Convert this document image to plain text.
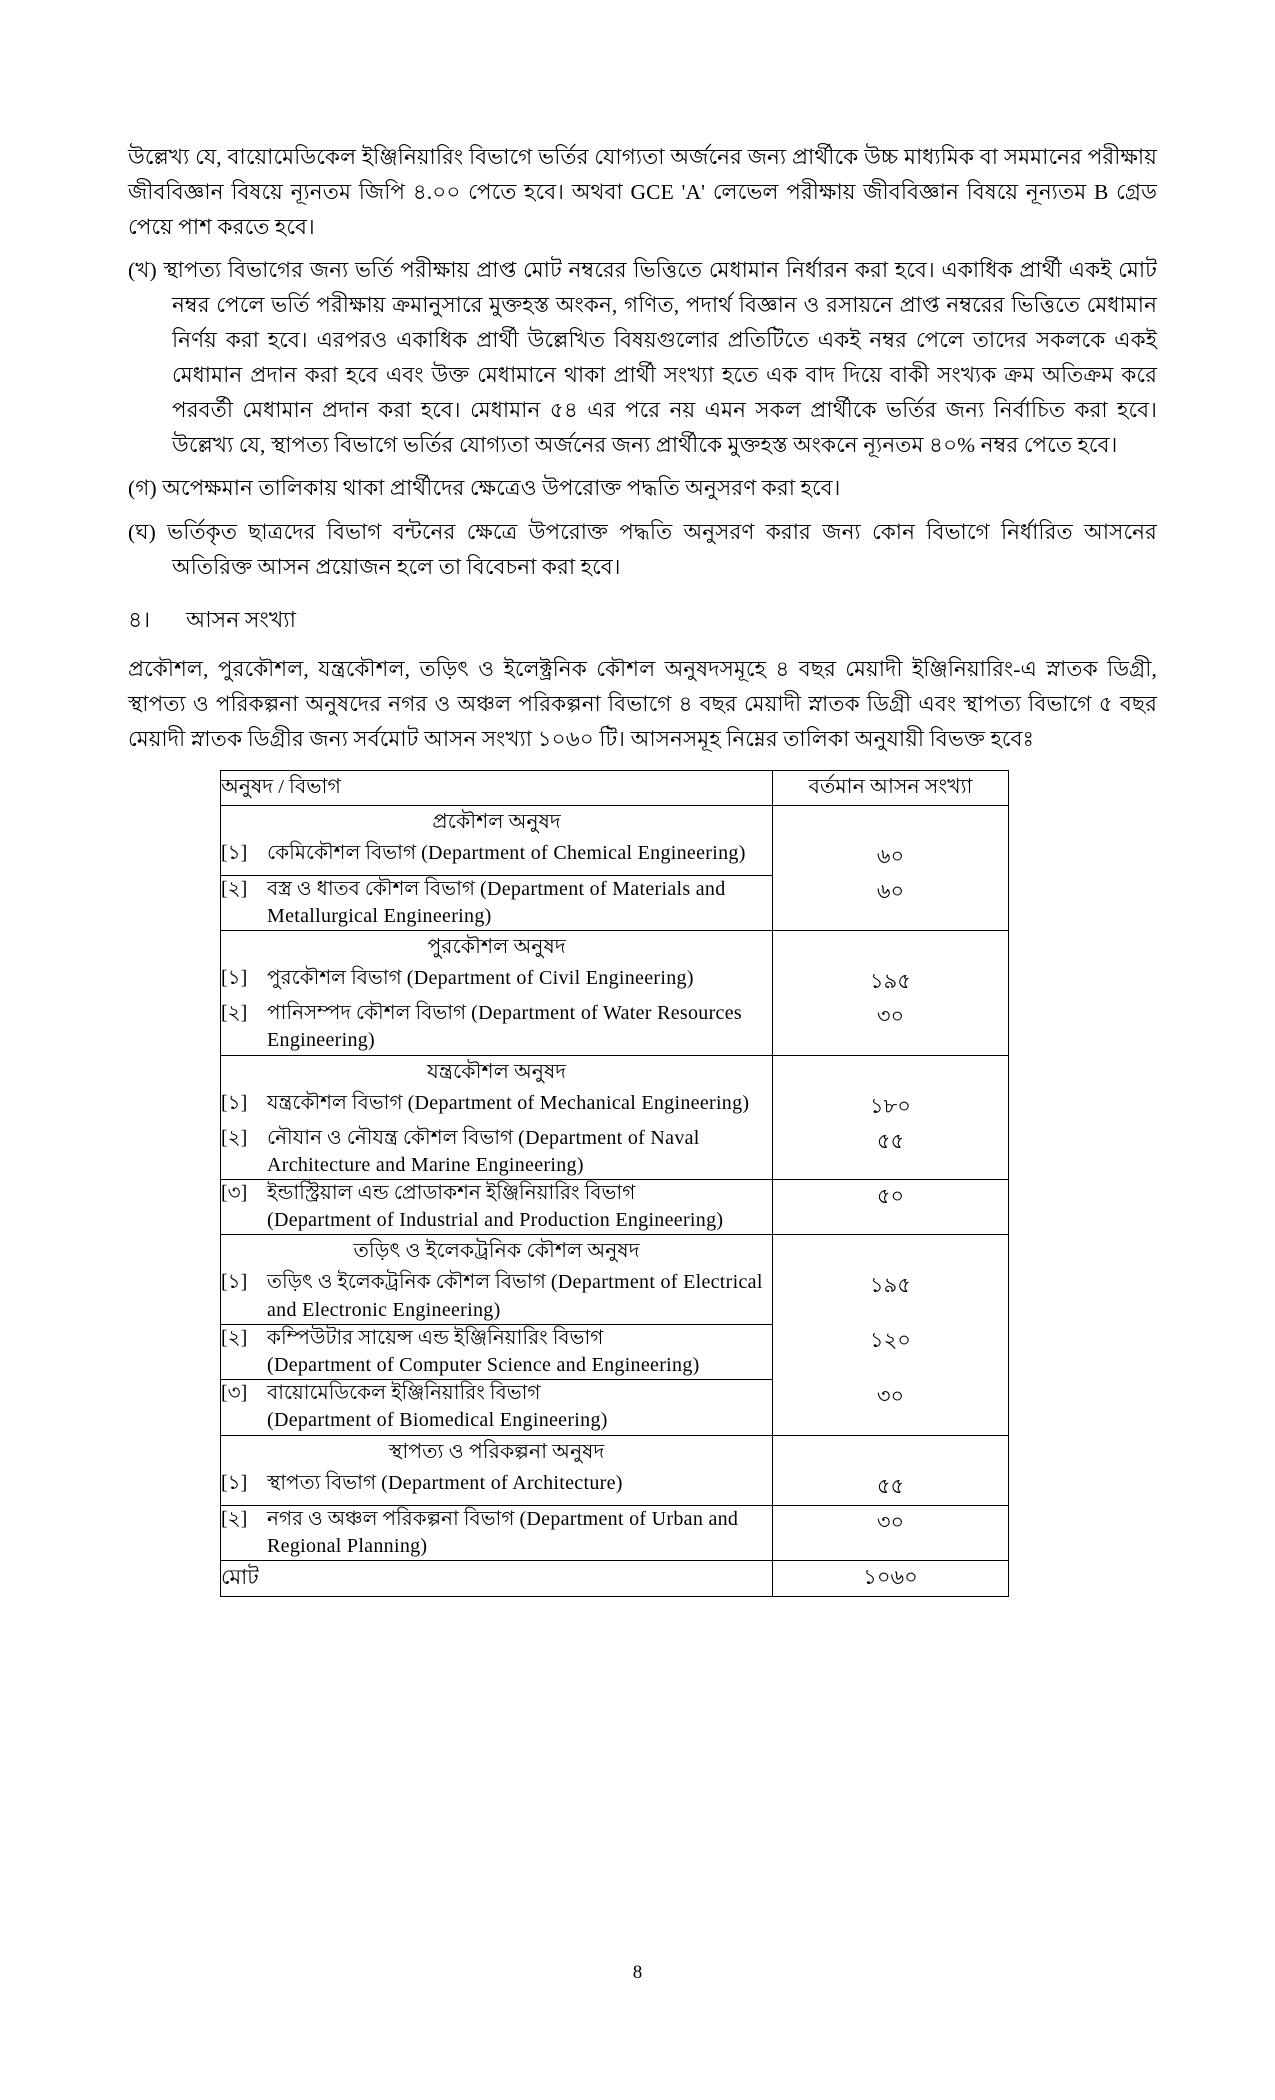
উল্লেখ্য যে, বায়োমেডিকেল ইঞ্জিনিয়ারিং বিভাগে ভর্তির যোগ্যতা অর্জনের জন্য প্রার্থীকে উচ্চ মাধ্যমিক বা সমমানের পরীক্ষায় জীববিজ্ঞান বিষয়ে ন্যূনতম জিপি ৪.০০ পেতে হবে। অথবা GCE 'A' লেভেল পরীক্ষায় জীববিজ্ঞান বিষয়ে নূন্যতম B গ্রেড পেয়ে পাশ করতে হবে।

(খ) স্থাপত্য বিভাগের জন্য ভর্তি পরীক্ষায় প্রাপ্ত মোট নম্বরের ভিত্তিতে মেধামান নির্ধারন করা হবে। একাধিক প্রার্থী একই মোট নম্বর পেলে ভর্তি পরীক্ষায় ক্রমানুসারে মুক্তহস্ত অংকন, গণিত, পদার্থ বিজ্ঞান ও রসায়নে প্রাপ্ত নম্বরের ভিত্তিতে মেধামান নির্ণয় করা হবে। এরপরও একাধিক প্রার্থী উল্লেখিত বিষয়গুলোর প্রতিটিতে একই নম্বর পেলে তাদের সকলকে একই মেধামান প্রদান করা হবে এবং উক্ত মেধামানে থাকা প্রার্থী সংখ্যা হতে এক বাদ দিয়ে বাকী সংখ্যক ক্রম অতিক্রম করে পরবর্তী মেধামান প্রদান করা হবে। মেধামান ৫৪ এর পরে নয় এমন সকল প্রার্থীকে ভর্তির জন্য নির্বাচিত করা হবে। উল্লেখ্য যে, স্থাপত্য বিভাগে ভর্তির যোগ্যতা অর্জনের জন্য প্রার্থীকে মুক্তহস্ত অংকনে ন্যূনতম ৪০% নম্বর পেতে হবে।

(গ) অপেক্ষমান তালিকায় থাকা প্রার্থীদের ক্ষেত্রেও উপরোক্ত পদ্ধতি অনুসরণ করা হবে।

(ঘ) ভর্তিকৃত ছাত্রদের বিভাগ বন্টনের ক্ষেত্রে উপরোক্ত পদ্ধতি অনুসরণ করার জন্য কোন বিভাগে নির্ধারিত আসনের অতিরিক্ত আসন প্রয়োজন হলে তা বিবেচনা করা হবে।

৪।	আসন সংখ্যা

প্রকৌশল, পুরকৌশল, যন্ত্রকৌশল, তড়িৎ ও ইলেক্ট্রনিক কৌশল অনুষদসমূহে ৪ বছর মেয়াদী ইঞ্জিনিয়ারিং-এ স্নাতক ডিগ্রী, স্থাপত্য ও পরিকল্পনা অনুষদের নগর ও অঞ্চল পরিকল্পনা বিভাগে ৪ বছর মেয়াদী স্নাতক ডিগ্রী এবং স্থাপত্য বিভাগে ৫ বছর মেয়াদী স্নাতক ডিগ্রীর জন্য সর্বমোট আসন সংখ্যা ১০৬০ টি। আসনসমূহ নিম্নের তালিকা অনুযায়ী বিভক্ত হবেঃ

অনুষদ / বিভাগ	বর্তমান আসন সংখ্যা
প্রকৌশল অনুষদ	

[১] কেমিকৌশল বিভাগ (Department of Chemical Engineering)	৬০

[২] বস্ত্র ও ধাতব কৌশল বিভাগ (Department of Materials and Metallurgical Engineering)	৬০
পুরকৌশল অনুষদ	

[১] পুরকৌশল বিভাগ (Department of Civil Engineering)	১৯৫

[২] পানিসম্পদ কৌশল বিভাগ (Department of Water Resources Engineering)	৩০
যন্ত্রকৌশল অনুষদ	

[১] যন্ত্রকৌশল বিভাগ (Department of Mechanical Engineering)	১৮০

[২] নৌযান ও নৌযন্ত্র কৌশল বিভাগ (Department of Naval Architecture and Marine Engineering)	৫৫

[৩] ইন্ডাস্ট্রিয়াল এন্ড প্রোডাকশন ইঞ্জিনিয়ারিং বিভাগ
(Department of Industrial and Production Engineering)	৫০
তড়িৎ ও ইলেকট্রনিক কৌশল অনুষদ	

[১] তড়িৎ ও ইলেকট্রনিক কৌশল বিভাগ (Department of Electrical and Electronic Engineering)	১৯৫

[২] কম্পিউটার সায়েন্স এন্ড ইঞ্জিনিয়ারিং বিভাগ
(Department of Computer Science and Engineering)	১২০

[৩] বায়োমেডিকেল ইঞ্জিনিয়ারিং বিভাগ
(Department of Biomedical Engineering)	৩০
স্থাপত্য ও পরিকল্পনা অনুষদ	

[১] স্থাপত্য বিভাগ (Department of Architecture)	৫৫

[২] নগর ও অঞ্চল পরিকল্পনা বিভাগ (Department of Urban and Regional Planning)	৩০
মোট	১০৬০
8
